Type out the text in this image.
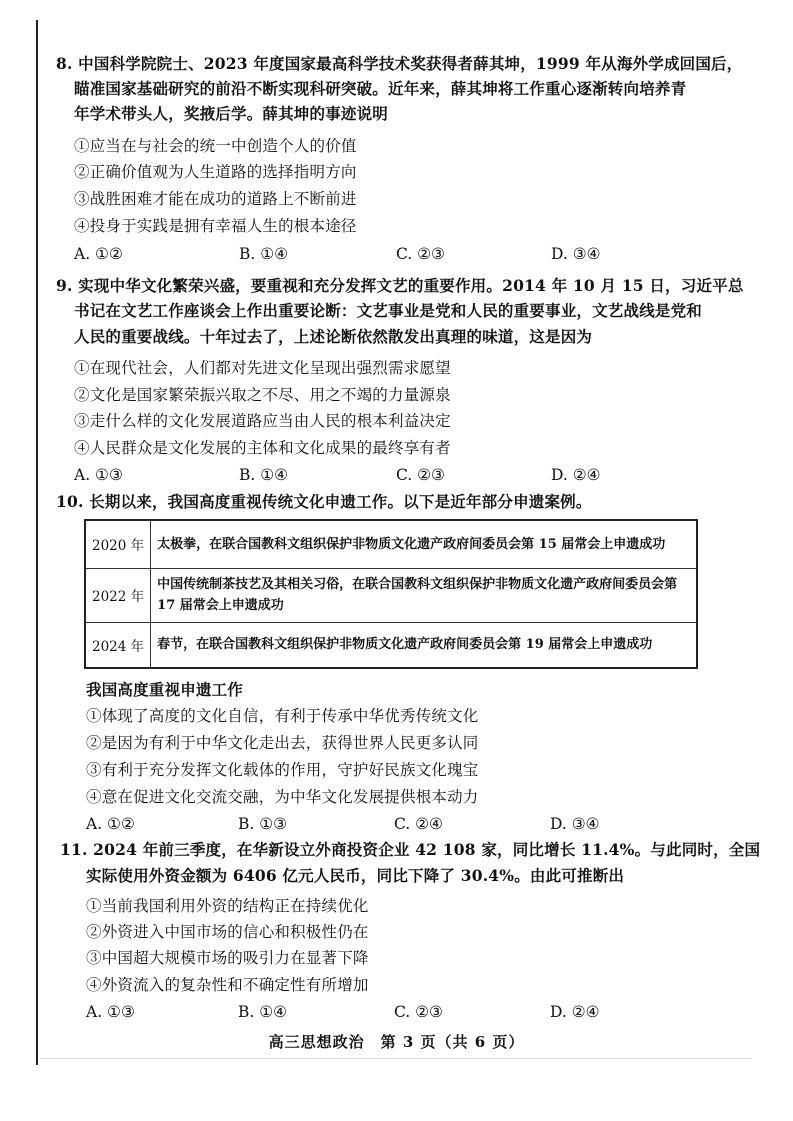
8. 中国科学院院士、2023 年度国家最高科学技术奖获得者薛其坤，1999 年从海外学成回国后，
瞄准国家基础研究的前沿不断实现科研突破。近年来，薛其坤将工作重心逐渐转向培养青
年学术带头人，奖掖后学。薛其坤的事迹说明
①应当在与社会的统一中创造个人的价值
②正确价值观为人生道路的选择指明方向
③战胜困难才能在成功的道路上不断前进
④投身于实践是拥有幸福人生的根本途径
A. ①②	B. ①④	C. ②③	D. ③④
9. 实现中华文化繁荣兴盛，要重视和充分发挥文艺的重要作用。2014 年 10 月 15 日，习近平总
书记在文艺工作座谈会上作出重要论断：文艺事业是党和人民的重要事业，文艺战线是党和
人民的重要战线。十年过去了，上述论断依然散发出真理的味道，这是因为
①在现代社会，人们都对先进文化呈现出强烈需求愿望
②文化是国家繁荣振兴取之不尽、用之不竭的力量源泉
③走什么样的文化发展道路应当由人民的根本利益决定
④人民群众是文化发展的主体和文化成果的最终享有者
A. ①③	B. ①④	C. ②③	D. ②④
10. 长期以来，我国高度重视传统文化申遗工作。以下是近年部分申遗案例。
2020 年	太极拳，在联合国教科文组织保护非物质文化遗产政府间委员会第 15 届常会上申遗成功
2022 年	中国传统制茶技艺及其相关习俗，在联合国教科文组织保护非物质文化遗产政府间委员会第 17 届常会上申遗成功
2024 年	春节，在联合国教科文组织保护非物质文化遗产政府间委员会第 19 届常会上申遗成功
我国高度重视申遗工作
①体现了高度的文化自信，有利于传承中华优秀传统文化
②是因为有利于中华文化走出去，获得世界人民更多认同
③有利于充分发挥文化载体的作用，守护好民族文化瑰宝
④意在促进文化交流交融，为中华文化发展提供根本动力
A. ①②	B. ①③	C. ②④	D. ③④
11. 2024 年前三季度，在华新设立外商投资企业 42 108 家，同比增长 11.4%。与此同时，全国
实际使用外资金额为 6406 亿元人民币，同比下降了 30.4%。由此可推断出
①当前我国利用外资的结构正在持续优化
②外资进入中国市场的信心和积极性仍在
③中国超大规模市场的吸引力在显著下降
④外资流入的复杂性和不确定性有所增加
A. ①③	B. ①④	C. ②③	D. ②④
高三思想政治　第 3 页（共 6 页）
